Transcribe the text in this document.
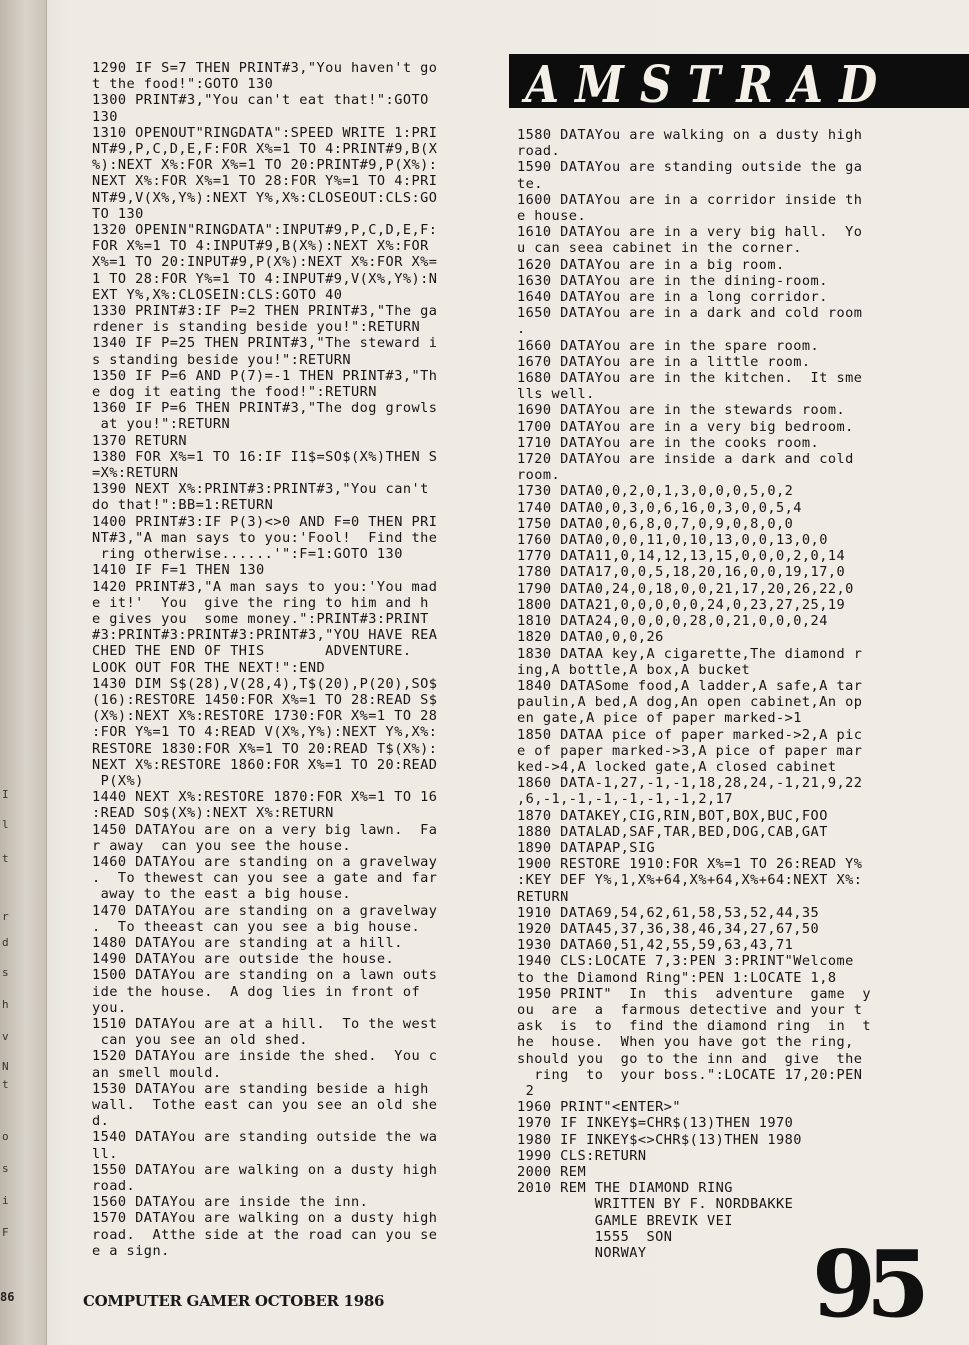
I
l
t
r
d
s
h
v
N
t
o
s
i
F
1290 IF S=7 THEN PRINT#3,"You haven't go
t the food!":GOTO 130
1300 PRINT#3,"You can't eat that!":GOTO
130
1310 OPENOUT"RINGDATA":SPEED WRITE 1:PRI
NT#9,P,C,D,E,F:FOR X%=1 TO 4:PRINT#9,B(X
%):NEXT X%:FOR X%=1 TO 20:PRINT#9,P(X%):
NEXT X%:FOR X%=1 TO 28:FOR Y%=1 TO 4:PRI
NT#9,V(X%,Y%):NEXT Y%,X%:CLOSEOUT:CLS:GO
TO 130
1320 OPENIN"RINGDATA":INPUT#9,P,C,D,E,F:
FOR X%=1 TO 4:INPUT#9,B(X%):NEXT X%:FOR
X%=1 TO 20:INPUT#9,P(X%):NEXT X%:FOR X%=
1 TO 28:FOR Y%=1 TO 4:INPUT#9,V(X%,Y%):N
EXT Y%,X%:CLOSEIN:CLS:GOTO 40
1330 PRINT#3:IF P=2 THEN PRINT#3,"The ga
rdener is standing beside you!":RETURN
1340 IF P=25 THEN PRINT#3,"The steward i
s standing beside you!":RETURN
1350 IF P=6 AND P(7)=-1 THEN PRINT#3,"Th
e dog it eating the food!":RETURN
1360 IF P=6 THEN PRINT#3,"The dog growls
at you!":RETURN
1370 RETURN
1380 FOR X%=1 TO 16:IF I1$=SO$(X%)THEN S
=X%:RETURN
1390 NEXT X%:PRINT#3:PRINT#3,"You can't
do that!":BB=1:RETURN
1400 PRINT#3:IF P(3)<>0 AND F=0 THEN PRI
NT#3,"A man says to you:'Fool!  Find the
ring otherwise......'":F=1:GOTO 130
1410 IF F=1 THEN 130
1420 PRINT#3,"A man says to you:'You mad
e it!'  You  give the ring to him and h
e gives you  some money.":PRINT#3:PRINT
#3:PRINT#3:PRINT#3:PRINT#3,"YOU HAVE REA
CHED THE END OF THIS       ADVENTURE.
LOOK OUT FOR THE NEXT!":END
1430 DIM S$(28),V(28,4),T$(20),P(20),SO$
(16):RESTORE 1450:FOR X%=1 TO 28:READ S$
(X%):NEXT X%:RESTORE 1730:FOR X%=1 TO 28
:FOR Y%=1 TO 4:READ V(X%,Y%):NEXT Y%,X%:
RESTORE 1830:FOR X%=1 TO 20:READ T$(X%):
NEXT X%:RESTORE 1860:FOR X%=1 TO 20:READ
P(X%)
1440 NEXT X%:RESTORE 1870:FOR X%=1 TO 16
:READ SO$(X%):NEXT X%:RETURN
1450 DATAYou are on a very big lawn.  Fa
r away  can you see the house.
1460 DATAYou are standing on a gravelway
.  To thewest can you see a gate and far
away to the east a big house.
1470 DATAYou are standing on a gravelway
.  To theeast can you see a big house.
1480 DATAYou are standing at a hill.
1490 DATAYou are outside the house.
1500 DATAYou are standing on a lawn outs
ide the house.  A dog lies in front of
you.
1510 DATAYou are at a hill.  To the west
can you see an old shed.
1520 DATAYou are inside the shed.  You c
an smell mould.
1530 DATAYou are standing beside a high
wall.  Tothe east can you see an old she
d.
1540 DATAYou are standing outside the wa
ll.
1550 DATAYou are walking on a dusty high
road.
1560 DATAYou are inside the inn.
1570 DATAYou are walking on a dusty high
road.  Atthe side at the road can you se
e a sign.
AMSTRAD
1580 DATAYou are walking on a dusty high
road.
1590 DATAYou are standing outside the ga
te.
1600 DATAYou are in a corridor inside th
e house.
1610 DATAYou are in a very big hall.  Yo
u can seea cabinet in the corner.
1620 DATAYou are in a big room.
1630 DATAYou are in the dining-room.
1640 DATAYou are in a long corridor.
1650 DATAYou are in a dark and cold room
.
1660 DATAYou are in the spare room.
1670 DATAYou are in a little room.
1680 DATAYou are in the kitchen.  It sme
lls well.
1690 DATAYou are in the stewards room.
1700 DATAYou are in a very big bedroom.
1710 DATAYou are in the cooks room.
1720 DATAYou are inside a dark and cold
room.
1730 DATA0,0,2,0,1,3,0,0,0,5,0,2
1740 DATA0,0,3,0,6,16,0,3,0,0,5,4
1750 DATA0,0,6,8,0,7,0,9,0,8,0,0
1760 DATA0,0,0,11,0,10,13,0,0,13,0,0
1770 DATA11,0,14,12,13,15,0,0,0,2,0,14
1780 DATA17,0,0,5,18,20,16,0,0,19,17,0
1790 DATA0,24,0,18,0,0,21,17,20,26,22,0
1800 DATA21,0,0,0,0,0,24,0,23,27,25,19
1810 DATA24,0,0,0,0,28,0,21,0,0,0,24
1820 DATA0,0,0,26
1830 DATAA key,A cigarette,The diamond r
ing,A bottle,A box,A bucket
1840 DATASome food,A ladder,A safe,A tar
paulin,A bed,A dog,An open cabinet,An op
en gate,A pice of paper marked->1
1850 DATAA pice of paper marked->2,A pic
e of paper marked->3,A pice of paper mar
ked->4,A locked gate,A closed cabinet
1860 DATA-1,27,-1,-1,18,28,24,-1,21,9,22
,6,-1,-1,-1,-1,-1,-1,2,17
1870 DATAKEY,CIG,RIN,BOT,BOX,BUC,FOO
1880 DATALAD,SAF,TAR,BED,DOG,CAB,GAT
1890 DATAPAP,SIG
1900 RESTORE 1910:FOR X%=1 TO 26:READ Y%
:KEY DEF Y%,1,X%+64,X%+64,X%+64:NEXT X%:
RETURN
1910 DATA69,54,62,61,58,53,52,44,35
1920 DATA45,37,36,38,46,34,27,67,50
1930 DATA60,51,42,55,59,63,43,71
1940 CLS:LOCATE 7,3:PEN 3:PRINT"Welcome
to the Diamond Ring":PEN 1:LOCATE 1,8
1950 PRINT"  In  this  adventure  game  y
ou  are  a  farmous detective and your t
ask  is  to  find the diamond ring  in  t
he  house.  When you have got the ring,
should you  go to the inn and  give  the
ring  to  your boss.":LOCATE 17,20:PEN
2
1960 PRINT"<ENTER>"
1970 IF INKEY$=CHR$(13)THEN 1970
1980 IF INKEY$<>CHR$(13)THEN 1980
1990 CLS:RETURN
2000 REM
2010 REM THE DIAMOND RING
WRITTEN BY F. NORDBAKKE
GAMLE BREVIK VEI
1555  SON
NORWAY
86	COMPUTER GAMER OCTOBER 1986	95
